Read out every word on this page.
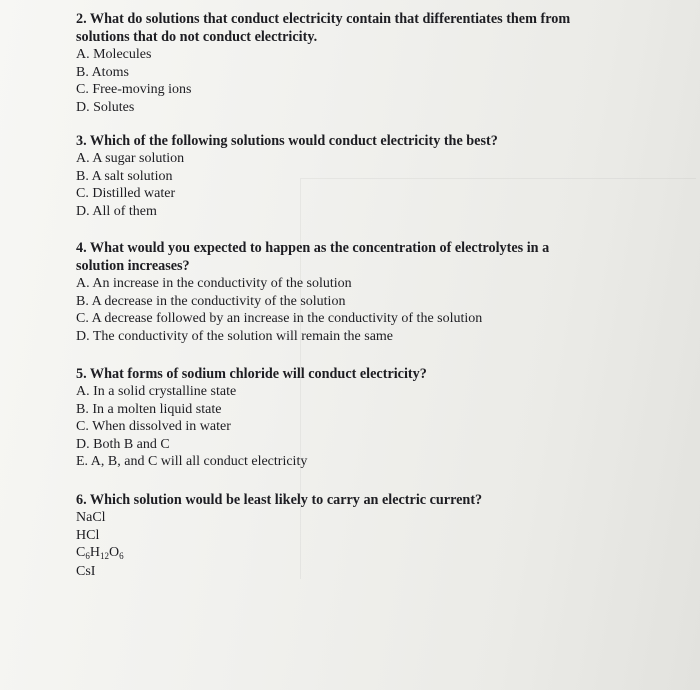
2. What do solutions that conduct electricity contain that differentiates them from

solutions that do not conduct electricity.

A. Molecules

B. Atoms

C. Free-moving ions

D. Solutes

3. Which of the following solutions would conduct electricity the best?

A. A sugar solution

B. A salt solution

C. Distilled water

D. All of them

4. What would you expected to happen as the concentration of electrolytes in a

solution increases?

A. An increase in the conductivity of the solution

B. A decrease in the conductivity of the solution

C. A decrease followed by an increase in the conductivity of the solution

D. The conductivity of the solution will remain the same

5. What forms of sodium chloride will conduct electricity?

A. In a solid crystalline state

B. In a molten liquid state

C. When dissolved in water

D. Both B and C

E. A, B, and C will all conduct electricity

6. Which solution would be least likely to carry an electric current?

NaCl

HCl

$C_6H_{12}O_6$

CsI
